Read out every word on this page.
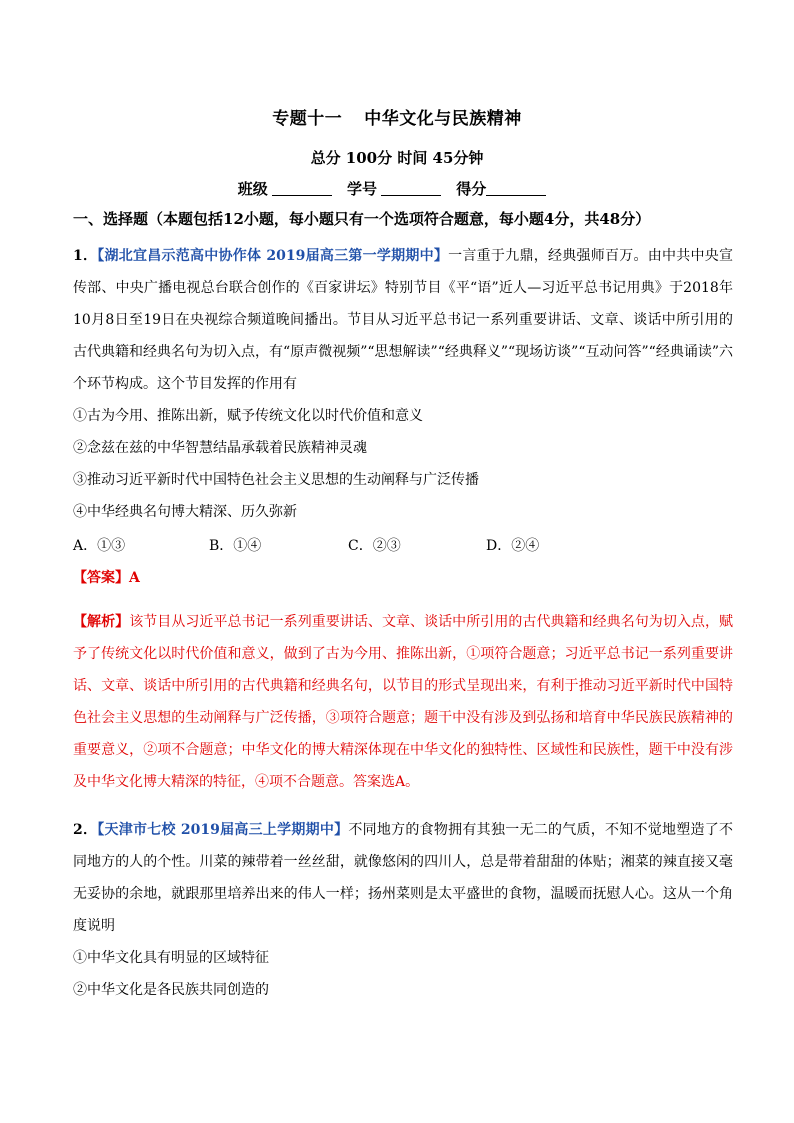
专题十一 中华文化与民族精神
总分 100分 时间 45分钟
班级	学号	得分
一、选择题（本题包括12小题，每小题只有一个选项符合题意，每小题4分，共48分）
1．【湖北宜昌示范高中协作体 2019届高三第一学期期中】一言重于九鼎，经典强师百万。由中共中央宣传部、中央广播电视总台联合创作的《百家讲坛》特别节目《平“语”近人—习近平总书记用典》于2018年10月8日至19日在央视综合频道晚间播出。节目从习近平总书记一系列重要讲话、文章、谈话中所引用的古代典籍和经典名句为切入点，有“原声微视频”“思想解读”“经典释义”“现场访谈”“互动问答”“经典诵读”六个环节构成。这个节目发挥的作用有
①古为今用、推陈出新，赋予传统文化以时代价值和意义
②念兹在兹的中华智慧结晶承载着民族精神灵魂
③推动习近平新时代中国特色社会主义思想的生动阐释与广泛传播
④中华经典名句博大精深、历久弥新
A．①③	B．①④	C．②③	D．②④
【答案】A
【解析】该节目从习近平总书记一系列重要讲话、文章、谈话中所引用的古代典籍和经典名句为切入点，赋予了传统文化以时代价值和意义，做到了古为今用、推陈出新，①项符合题意；习近平总书记一系列重要讲话、文章、谈话中所引用的古代典籍和经典名句，以节目的形式呈现出来，有利于推动习近平新时代中国特色社会主义思想的生动阐释与广泛传播，③项符合题意；题干中没有涉及到弘扬和培育中华民族民族精神的重要意义，②项不合题意；中华文化的博大精深体现在中华文化的独特性、区域性和民族性，题干中没有涉及中华文化博大精深的特征，④项不合题意。答案选A。
2．【天津市七校 2019届高三上学期期中】不同地方的食物拥有其独一无二的气质，不知不觉地塑造了不同地方的人的个性。川菜的辣带着一丝丝甜，就像悠闲的四川人，总是带着甜甜的体贴；湘菜的辣直接又毫无妥协的余地，就跟那里培养出来的伟人一样；扬州菜则是太平盛世的食物，温暖而抚慰人心。这从一个角度说明
①中华文化具有明显的区域特征
②中华文化是各民族共同创造的
